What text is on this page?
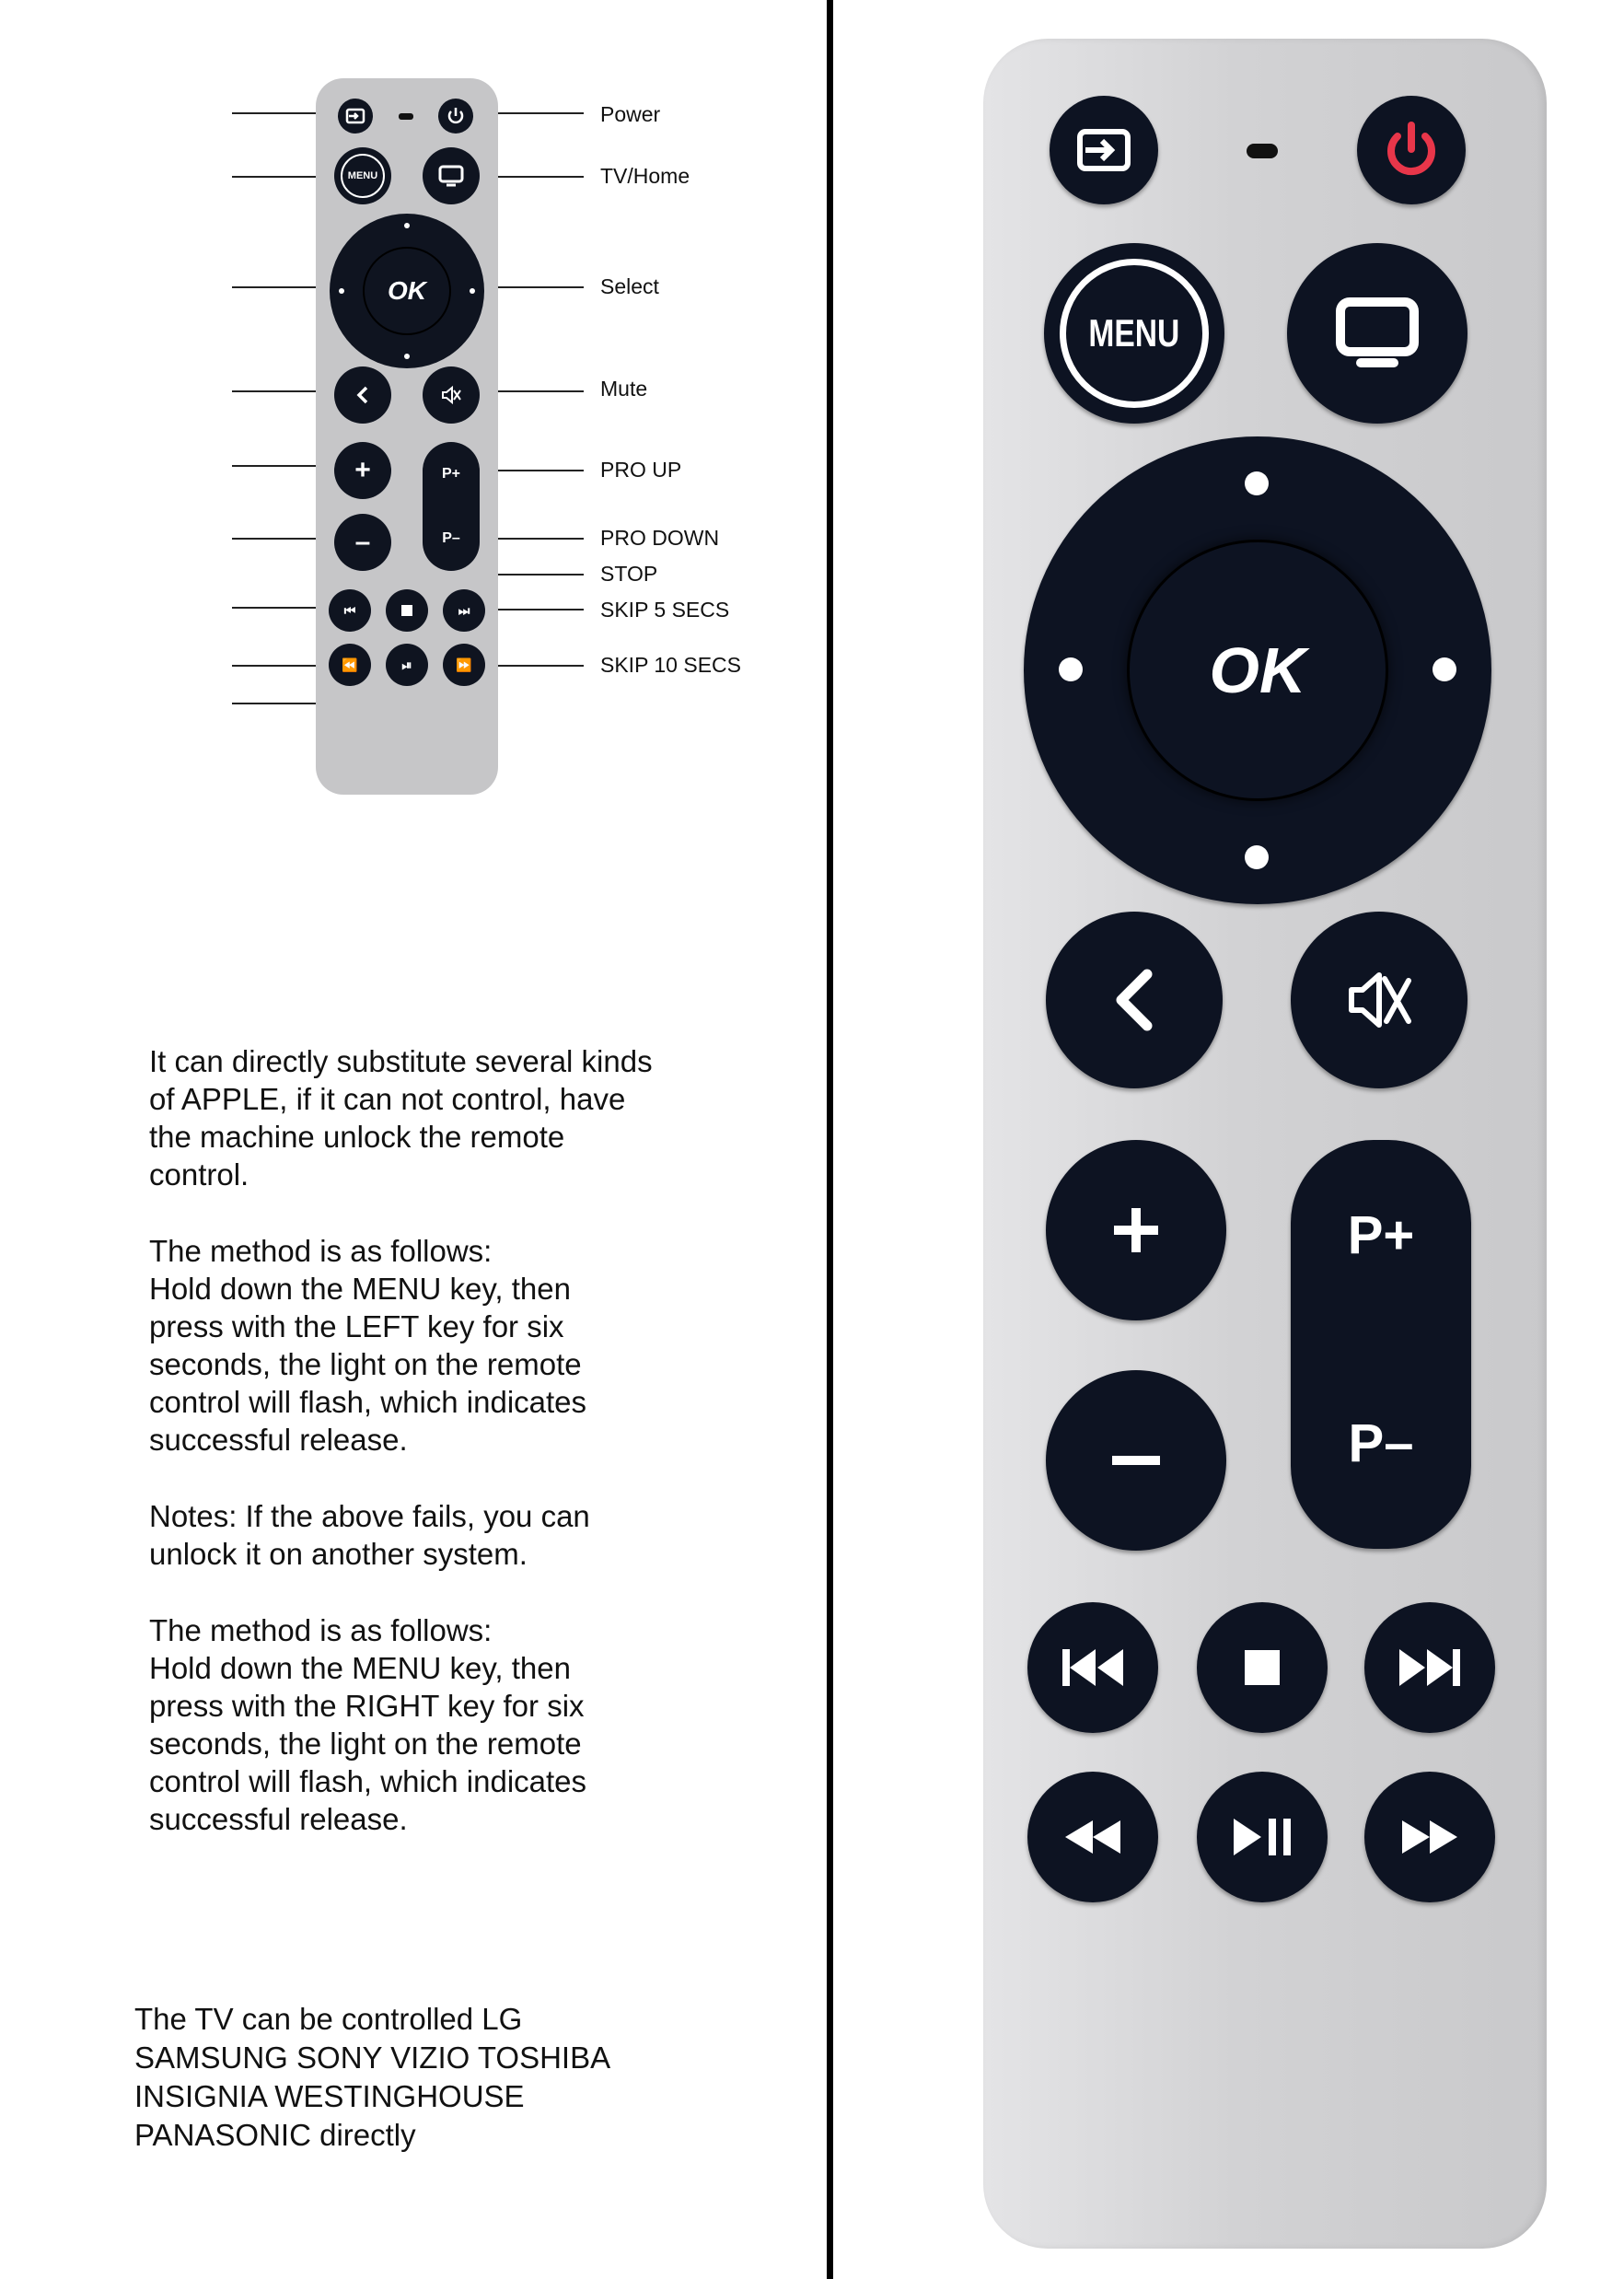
MENU
OK
+
–
P+
P–
⏮	⏭
⏪	⏯	⏩
Power
TV/Home
Select
Mute
PRO UP
PRO DOWN
STOP
SKIP 5 SECS
SKIP 10 SECS

It can directly substitute several kinds of APPLE, if it can not control, have the machine unlock the remote control.

The method is as follows:

Hold down the MENU key, then press with the LEFT key for six seconds, the light on the remote control will flash, which indicates successful release.

Notes: If the above fails, you can unlock it on another system.

The method is as follows:

Hold down the MENU key, then press with the RIGHT key for six seconds, the light on the remote control will flash, which indicates successful release.

The TV can be controlled LG
SAMSUNG SONY VIZIO TOSHIBA
INSIGNIA WESTINGHOUSE
PANASONIC directly
MENU
OK
P+
P–
